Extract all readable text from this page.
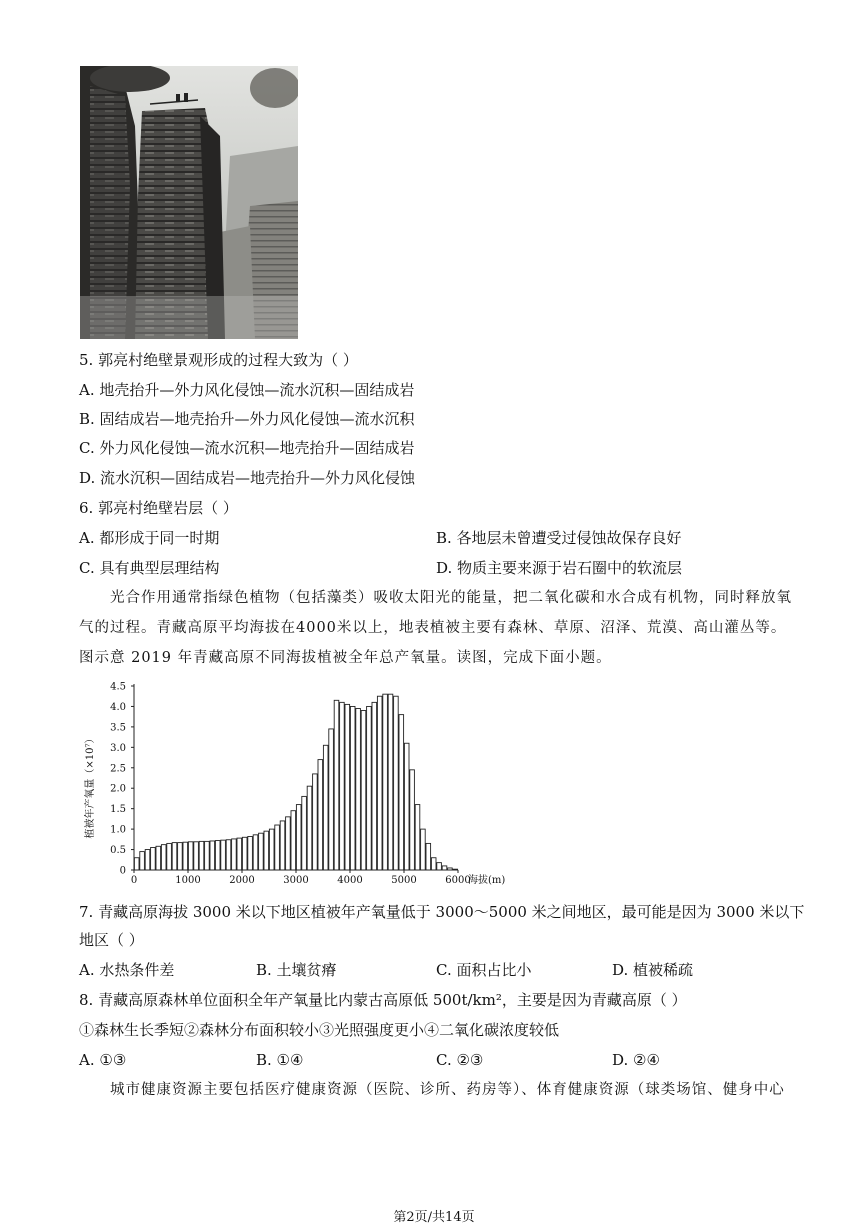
5. 郭亮村绝壁景观形成的过程大致为（ ）
A. 地壳抬升—外力风化侵蚀—流水沉积—固结成岩
B. 固结成岩—地壳抬升—外力风化侵蚀—流水沉积
C. 外力风化侵蚀—流水沉积—地壳抬升—固结成岩
D. 流水沉积—固结成岩—地壳抬升—外力风化侵蚀
6. 郭亮村绝壁岩层（ ）
A. 都形成于同一时期	B. 各地层未曾遭受过侵蚀故保存良好
C. 具有典型层理结构	D. 物质主要来源于岩石圈中的软流层
光合作用通常指绿色植物（包括藻类）吸收太阳光的能量，把二氧化碳和水合成有机物，同时释放氧
气的过程。青藏高原平均海拔在4000米以上，地表植被主要有森林、草原、沼泽、荒漠、高山灌丛等。
图示意 2019 年青藏高原不同海拔植被全年总产氧量。读图，完成下面小题。
0
0.5
1.0
1.5
2.0
2.5
3.0
3.5
4.0
4.5
0	1000	2000	3000	4000	5000	6000
植被年产氧量（×10⁷）
海拔(m)
7. 青藏高原海拔 3000 米以下地区植被年产氧量低于 3000～5000 米之间地区，最可能是因为 3000 米以下
地区（ ）
A. 水热条件差	B. 土壤贫瘠	C. 面积占比小	D. 植被稀疏
8. 青藏高原森林单位面积全年产氧量比内蒙古高原低 500t/km²，主要是因为青藏高原（ ）
①森林生长季短②森林分布面积较小③光照强度更小④二氧化碳浓度较低
A. ①③	B. ①④	C. ②③	D. ②④
城市健康资源主要包括医疗健康资源（医院、诊所、药房等）、体育健康资源（球类场馆、健身中心
第2页/共14页
